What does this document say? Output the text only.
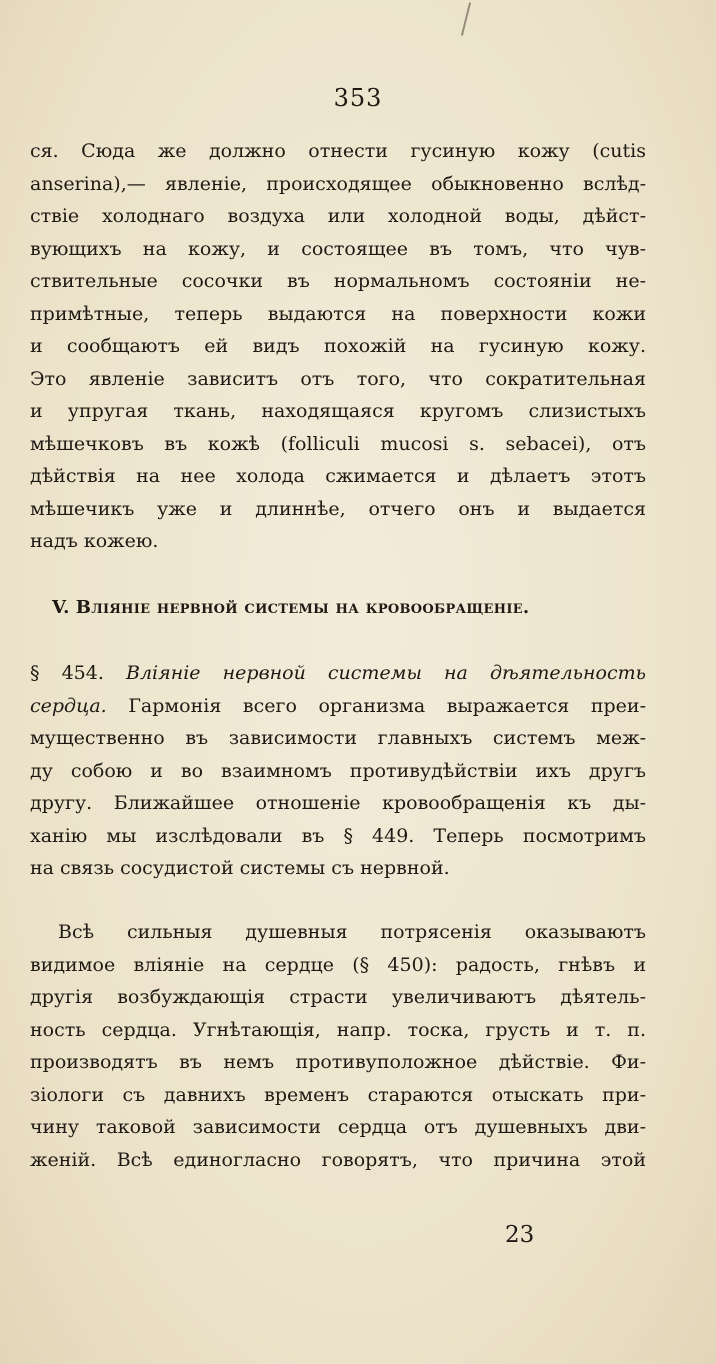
353
ся. Сюда же должно отнести гусиную кожу (cutis
anserina),— явленіе, происходящее обыкновенно вслѣд-
ствіе холоднаго воздуха или холодной воды, дѣйст-
вующихъ на кожу, и состоящее въ томъ, что чув-
ствительные сосочки въ нормальномъ состояніи не-
примѣтные, теперь выдаются на поверхности кожи
и сообщаютъ ей видъ похожій на гусиную кожу.
Это явленіе зависитъ отъ того, что сократительная
и упругая ткань, находящаяся кругомъ слизистыхъ
мѣшечковъ въ кожѣ (folliculi mucosi s. sebacei), отъ
дѣйствія на нее холода сжимается и дѣлаетъ этотъ
мѣшечикъ уже и длиннѣе, отчего онъ и выдается
надъ кожею.
V. Вліяніе нервной системы на кровообращеніе.
§ 454. Вліяніе нервной системы на дѣятельность
сердца. Гармонія всего организма выражается преи-
мущественно въ зависимости главныхъ системъ меж-
ду собою и во взаимномъ противудѣйствіи ихъ другъ
другу. Ближайшее отношеніе кровообращенія къ ды-
ханію мы изслѣдовали въ § 449. Теперь посмотримъ
на связь сосудистой системы съ нервной.
Всѣ сильныя душевныя потрясенія оказываютъ
видимое вліяніе на сердце (§ 450): радость, гнѣвъ и
другія возбуждающія страсти увеличиваютъ дѣятель-
ность сердца. Угнѣтающія, напр. тоска, грусть и т. п.
производятъ въ немъ противуположное дѣйствіе. Фи-
зіологи съ давнихъ временъ стараются отыскать при-
чину таковой зависимости сердца отъ душевныхъ дви-
женій. Всѣ единогласно говорятъ, что причина этой
23
